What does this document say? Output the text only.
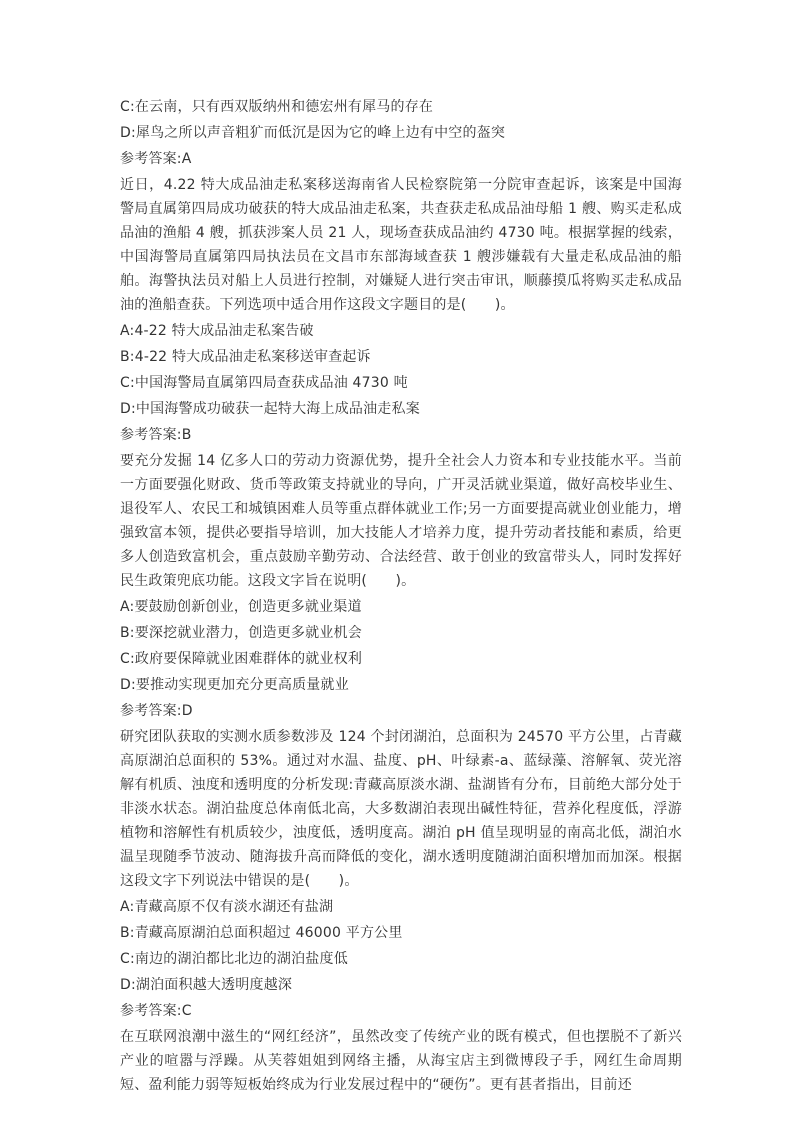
C:在云南，只有西双版纳州和德宏州有犀马的存在
D:犀鸟之所以声音粗犷而低沉是因为它的峰上边有中空的盔突
参考答案:A
近日，4.22 特大成品油走私案移送海南省人民检察院第一分院审查起诉，该案是中国海警局直属第四局成功破获的特大成品油走私案，共查获走私成品油母船 1 艘、购买走私成品油的渔船 4 艘，抓获涉案人员 21 人，现场查获成品油约 4730 吨。根据掌握的线索，中国海警局直属第四局执法员在文昌市东部海域查获 1 艘涉嫌载有大量走私成品油的船舶。海警执法员对船上人员进行控制，对嫌疑人进行突击审讯，顺藤摸瓜将购买走私成品油的渔船查获。下列选项中适合用作这段文字题目的是(　　)。
A:4-22 特大成品油走私案告破
B:4-22 特大成品油走私案移送审查起诉
C:中国海警局直属第四局查获成品油 4730 吨
D:中国海警成功破获一起特大海上成品油走私案
参考答案:B
要充分发掘 14 亿多人口的劳动力资源优势，提升全社会人力资本和专业技能水平。当前一方面要强化财政、货币等政策支持就业的导向，广开灵活就业渠道，做好高校毕业生、退役军人、农民工和城镇困难人员等重点群体就业工作;另一方面要提高就业创业能力，增强致富本领，提供必要指导培训，加大技能人才培养力度，提升劳动者技能和素质，给更多人创造致富机会，重点鼓励辛勤劳动、合法经营、敢于创业的致富带头人，同时发挥好民生政策兜底功能。这段文字旨在说明(　　)。
A:要鼓励创新创业，创造更多就业渠道
B:要深挖就业潜力，创造更多就业机会
C:政府要保障就业困难群体的就业权利
D:要推动实现更加充分更高质量就业
参考答案:D
研究团队获取的实测水质参数涉及 124 个封闭湖泊，总面积为 24570 平方公里，占青藏高原湖泊总面积的 53%。通过对水温、盐度、pH、叶绿素-a、蓝绿藻、溶解氧、荧光溶解有机质、浊度和透明度的分析发现:青藏高原淡水湖、盐湖皆有分布，目前绝大部分处于非淡水状态。湖泊盐度总体南低北高，大多数湖泊表现出碱性特征，营养化程度低，浮游植物和溶解性有机质较少，浊度低，透明度高。湖泊 pH 值呈现明显的南高北低，湖泊水温呈现随季节波动、随海拔升高而降低的变化，湖水透明度随湖泊面积增加而加深。根据这段文字下列说法中错误的是(　　)。
A:青藏高原不仅有淡水湖还有盐湖
B:青藏高原湖泊总面积超过 46000 平方公里
C:南边的湖泊都比北边的湖泊盐度低
D:湖泊面积越大透明度越深
参考答案:C
在互联网浪潮中滋生的“网红经济”，虽然改变了传统产业的既有模式，但也摆脱不了新兴产业的喧嚣与浮躁。从芙蓉姐姐到网络主播，从海宝店主到微博段子手，网红生命周期短、盈利能力弱等短板始终成为行业发展过程中的“硬伤”。更有甚者指出，目前还
